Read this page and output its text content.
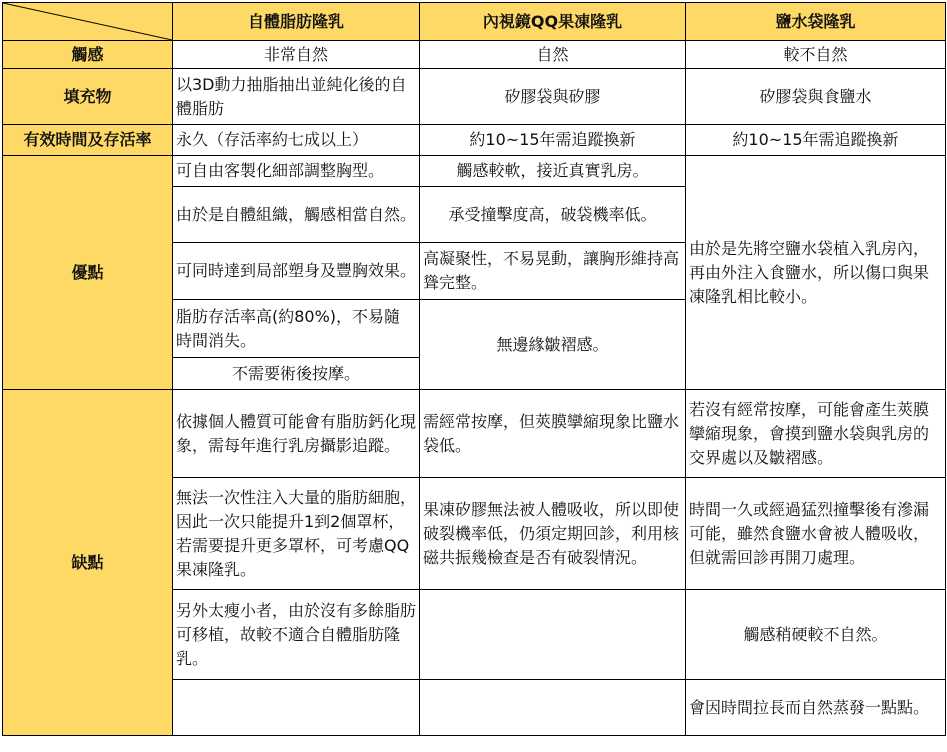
	自體脂肪隆乳	內視鏡QQ果凍隆乳	鹽水袋隆乳
觸感	非常自然	自然	較不自然
填充物	以3D動力抽脂抽出並純化後的自體脂肪	矽膠袋與矽膠	矽膠袋與食鹽水
有效時間及存活率	永久（存活率約七成以上）	約10~15年需追蹤換新	約10~15年需追蹤換新
優點	可自由客製化細部調整胸型。	觸感較軟，接近真實乳房。	由於是先將空鹽水袋植入乳房內，再由外注入食鹽水，所以傷口與果凍隆乳相比較小。
	由於是自體組織，觸感相當自然。	承受撞擊度高，破袋機率低。	
	可同時達到局部塑身及豐胸效果。	高凝聚性，不易晃動，讓胸形維持高聳完整。	
	脂肪存活率高(約80%)，不易隨時間消失。	無邊緣皺褶感。	
	不需要術後按摩。		
缺點	依據個人體質可能會有脂肪鈣化現象，需每年進行乳房攝影追蹤。	需經常按摩，但莢膜攣縮現象比鹽水袋低。	若沒有經常按摩，可能會產生莢膜攣縮現象，會摸到鹽水袋與乳房的交界處以及皺褶感。
	無法一次性注入大量的脂肪細胞，因此一次只能提升1到2個罩杯，若需要提升更多罩杯，可考慮QQ果凍隆乳。	果凍矽膠無法被人體吸收，所以即使破裂機率低，仍須定期回診，利用核磁共振幾檢查是否有破裂情況。	時間一久或經過猛烈撞擊後有滲漏可能，雖然食鹽水會被人體吸收，但就需回診再開刀處理。
	另外太瘦小者，由於沒有多餘脂肪可移植，故較不適合自體脂肪隆乳。		觸感稍硬較不自然。
			會因時間拉長而自然蒸發一點點。
